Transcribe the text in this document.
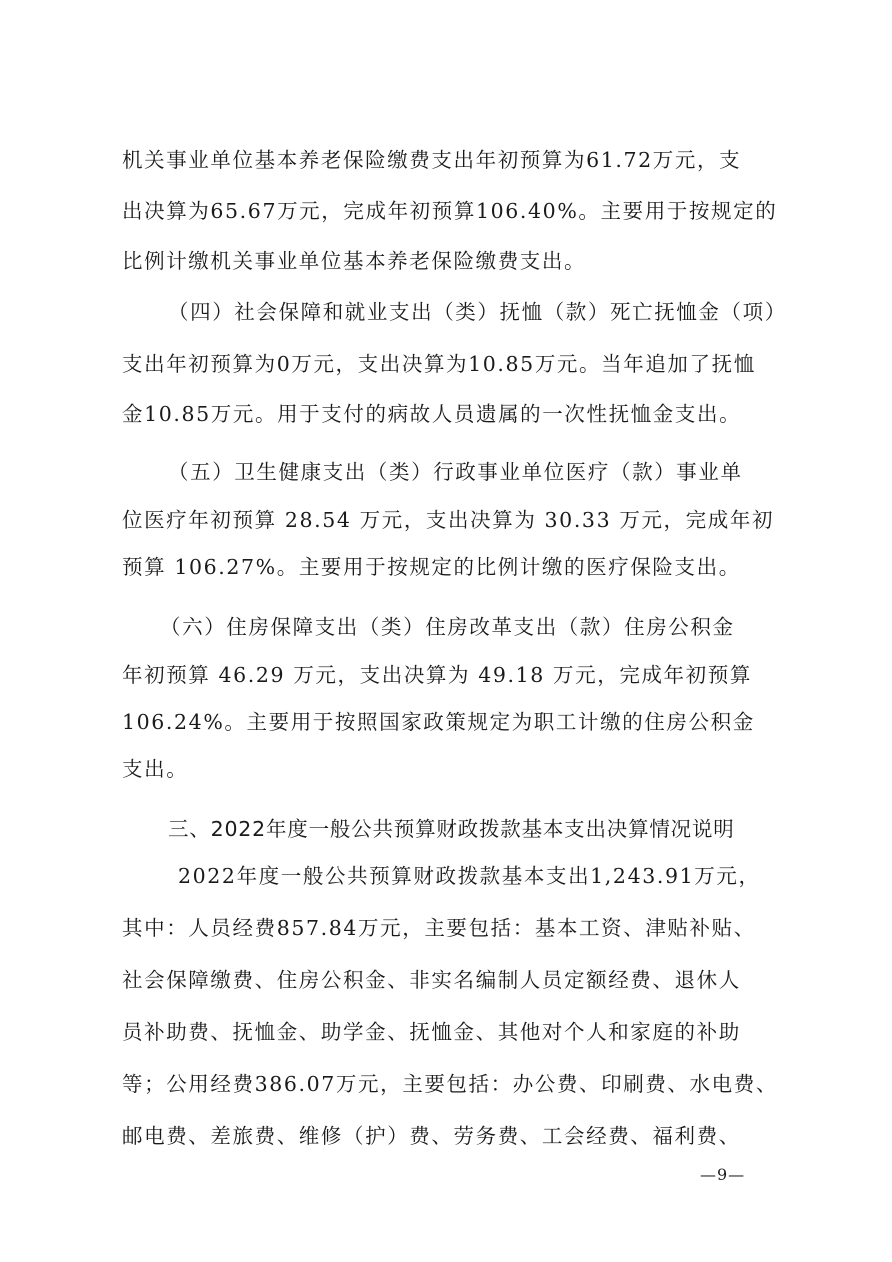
机关事业单位基本养老保险缴费支出年初预算为61.72万元，支
出决算为65.67万元，完成年初预算106.40%。主要用于按规定的
比例计缴机关事业单位基本养老保险缴费支出。
（四）社会保障和就业支出（类）抚恤（款）死亡抚恤金（项）
支出年初预算为0万元，支出决算为10.85万元。当年追加了抚恤
金10.85万元。用于支付的病故人员遗属的一次性抚恤金支出。
（五）卫生健康支出（类）行政事业单位医疗（款）事业单
位医疗年初预算 28.54 万元，支出决算为 30.33 万元，完成年初
预算 106.27%。主要用于按规定的比例计缴的医疗保险支出。
（六）住房保障支出（类）住房改革支出（款）住房公积金
年初预算 46.29 万元，支出决算为 49.18 万元，完成年初预算
106.24%。主要用于按照国家政策规定为职工计缴的住房公积金
支出。
三、2022年度一般公共预算财政拨款基本支出决算情况说明
2022年度一般公共预算财政拨款基本支出1,243.91万元，
其中：人员经费857.84万元，主要包括：基本工资、津贴补贴、
社会保障缴费、住房公积金、非实名编制人员定额经费、退休人
员补助费、抚恤金、助学金、抚恤金、其他对个人和家庭的补助
等；公用经费386.07万元，主要包括：办公费、印刷费、水电费、
邮电费、差旅费、维修（护）费、劳务费、工会经费、福利费、
—9—
